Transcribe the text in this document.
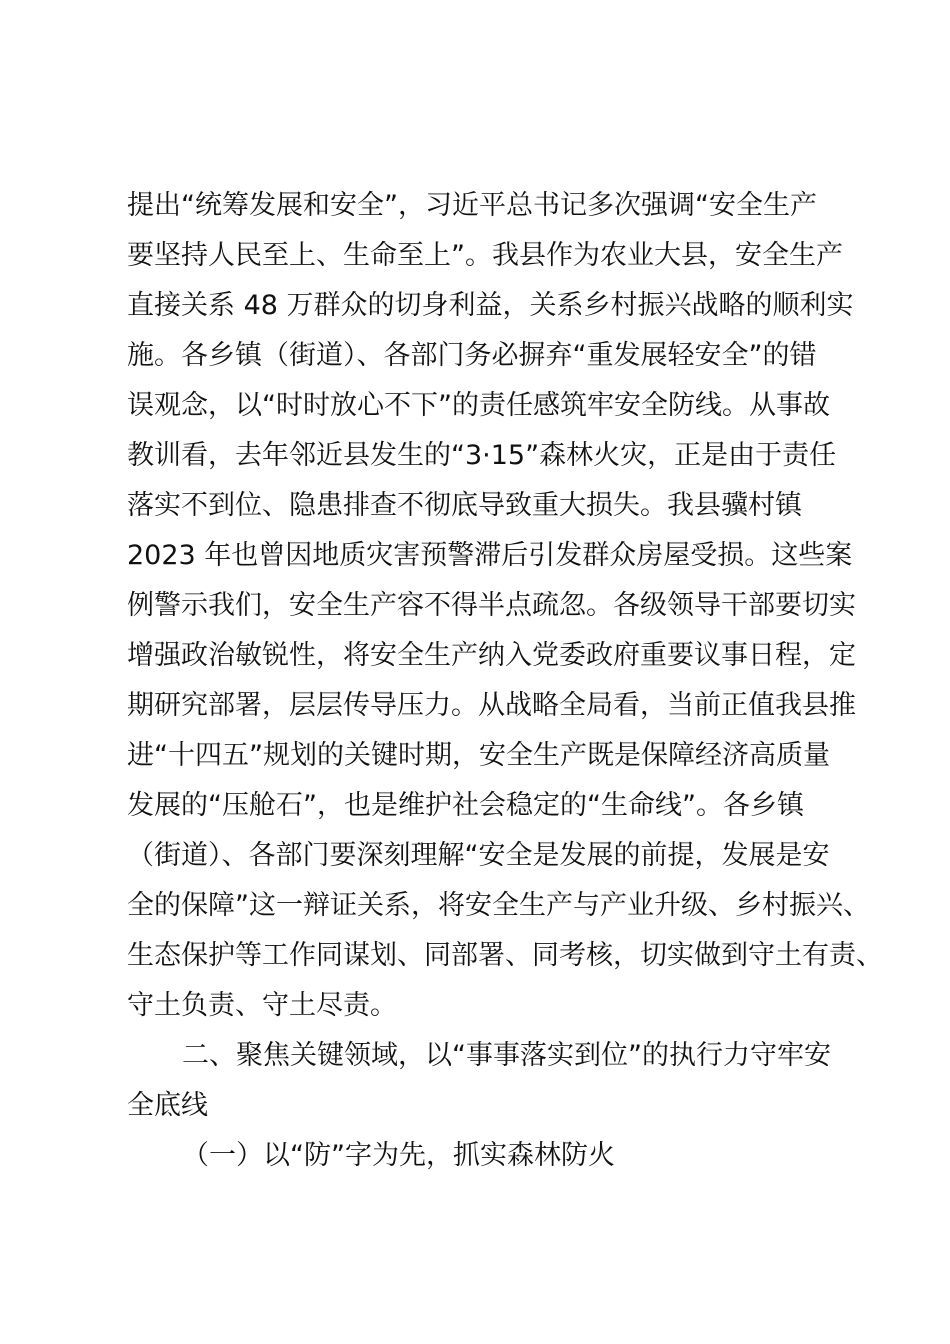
提出“统筹发展和安全”，习近平总书记多次强调“安全生产
要坚持人民至上、生命至上”。我县作为农业大县，安全生产
直接关系 48 万群众的切身利益，关系乡村振兴战略的顺利实
施。各乡镇（街道）、各部门务必摒弃“重发展轻安全”的错
误观念，以“时时放心不下”的责任感筑牢安全防线。从事故
教训看，去年邻近县发生的“3·15”森林火灾，正是由于责任
落实不到位、隐患排查不彻底导致重大损失。我县骥村镇
2023 年也曾因地质灾害预警滞后引发群众房屋受损。这些案
例警示我们，安全生产容不得半点疏忽。各级领导干部要切实
增强政治敏锐性，将安全生产纳入党委政府重要议事日程，定
期研究部署，层层传导压力。从战略全局看，当前正值我县推
进“十四五”规划的关键时期，安全生产既是保障经济高质量
发展的“压舱石”，也是维护社会稳定的“生命线”。各乡镇
（街道）、各部门要深刻理解“安全是发展的前提，发展是安
全的保障”这一辩证关系，将安全生产与产业升级、乡村振兴、
生态保护等工作同谋划、同部署、同考核，切实做到守土有责、
守土负责、守土尽责。
二、聚焦关键领域，以“事事落实到位”的执行力守牢安
全底线
（一）以“防”字为先，抓实森林防火
